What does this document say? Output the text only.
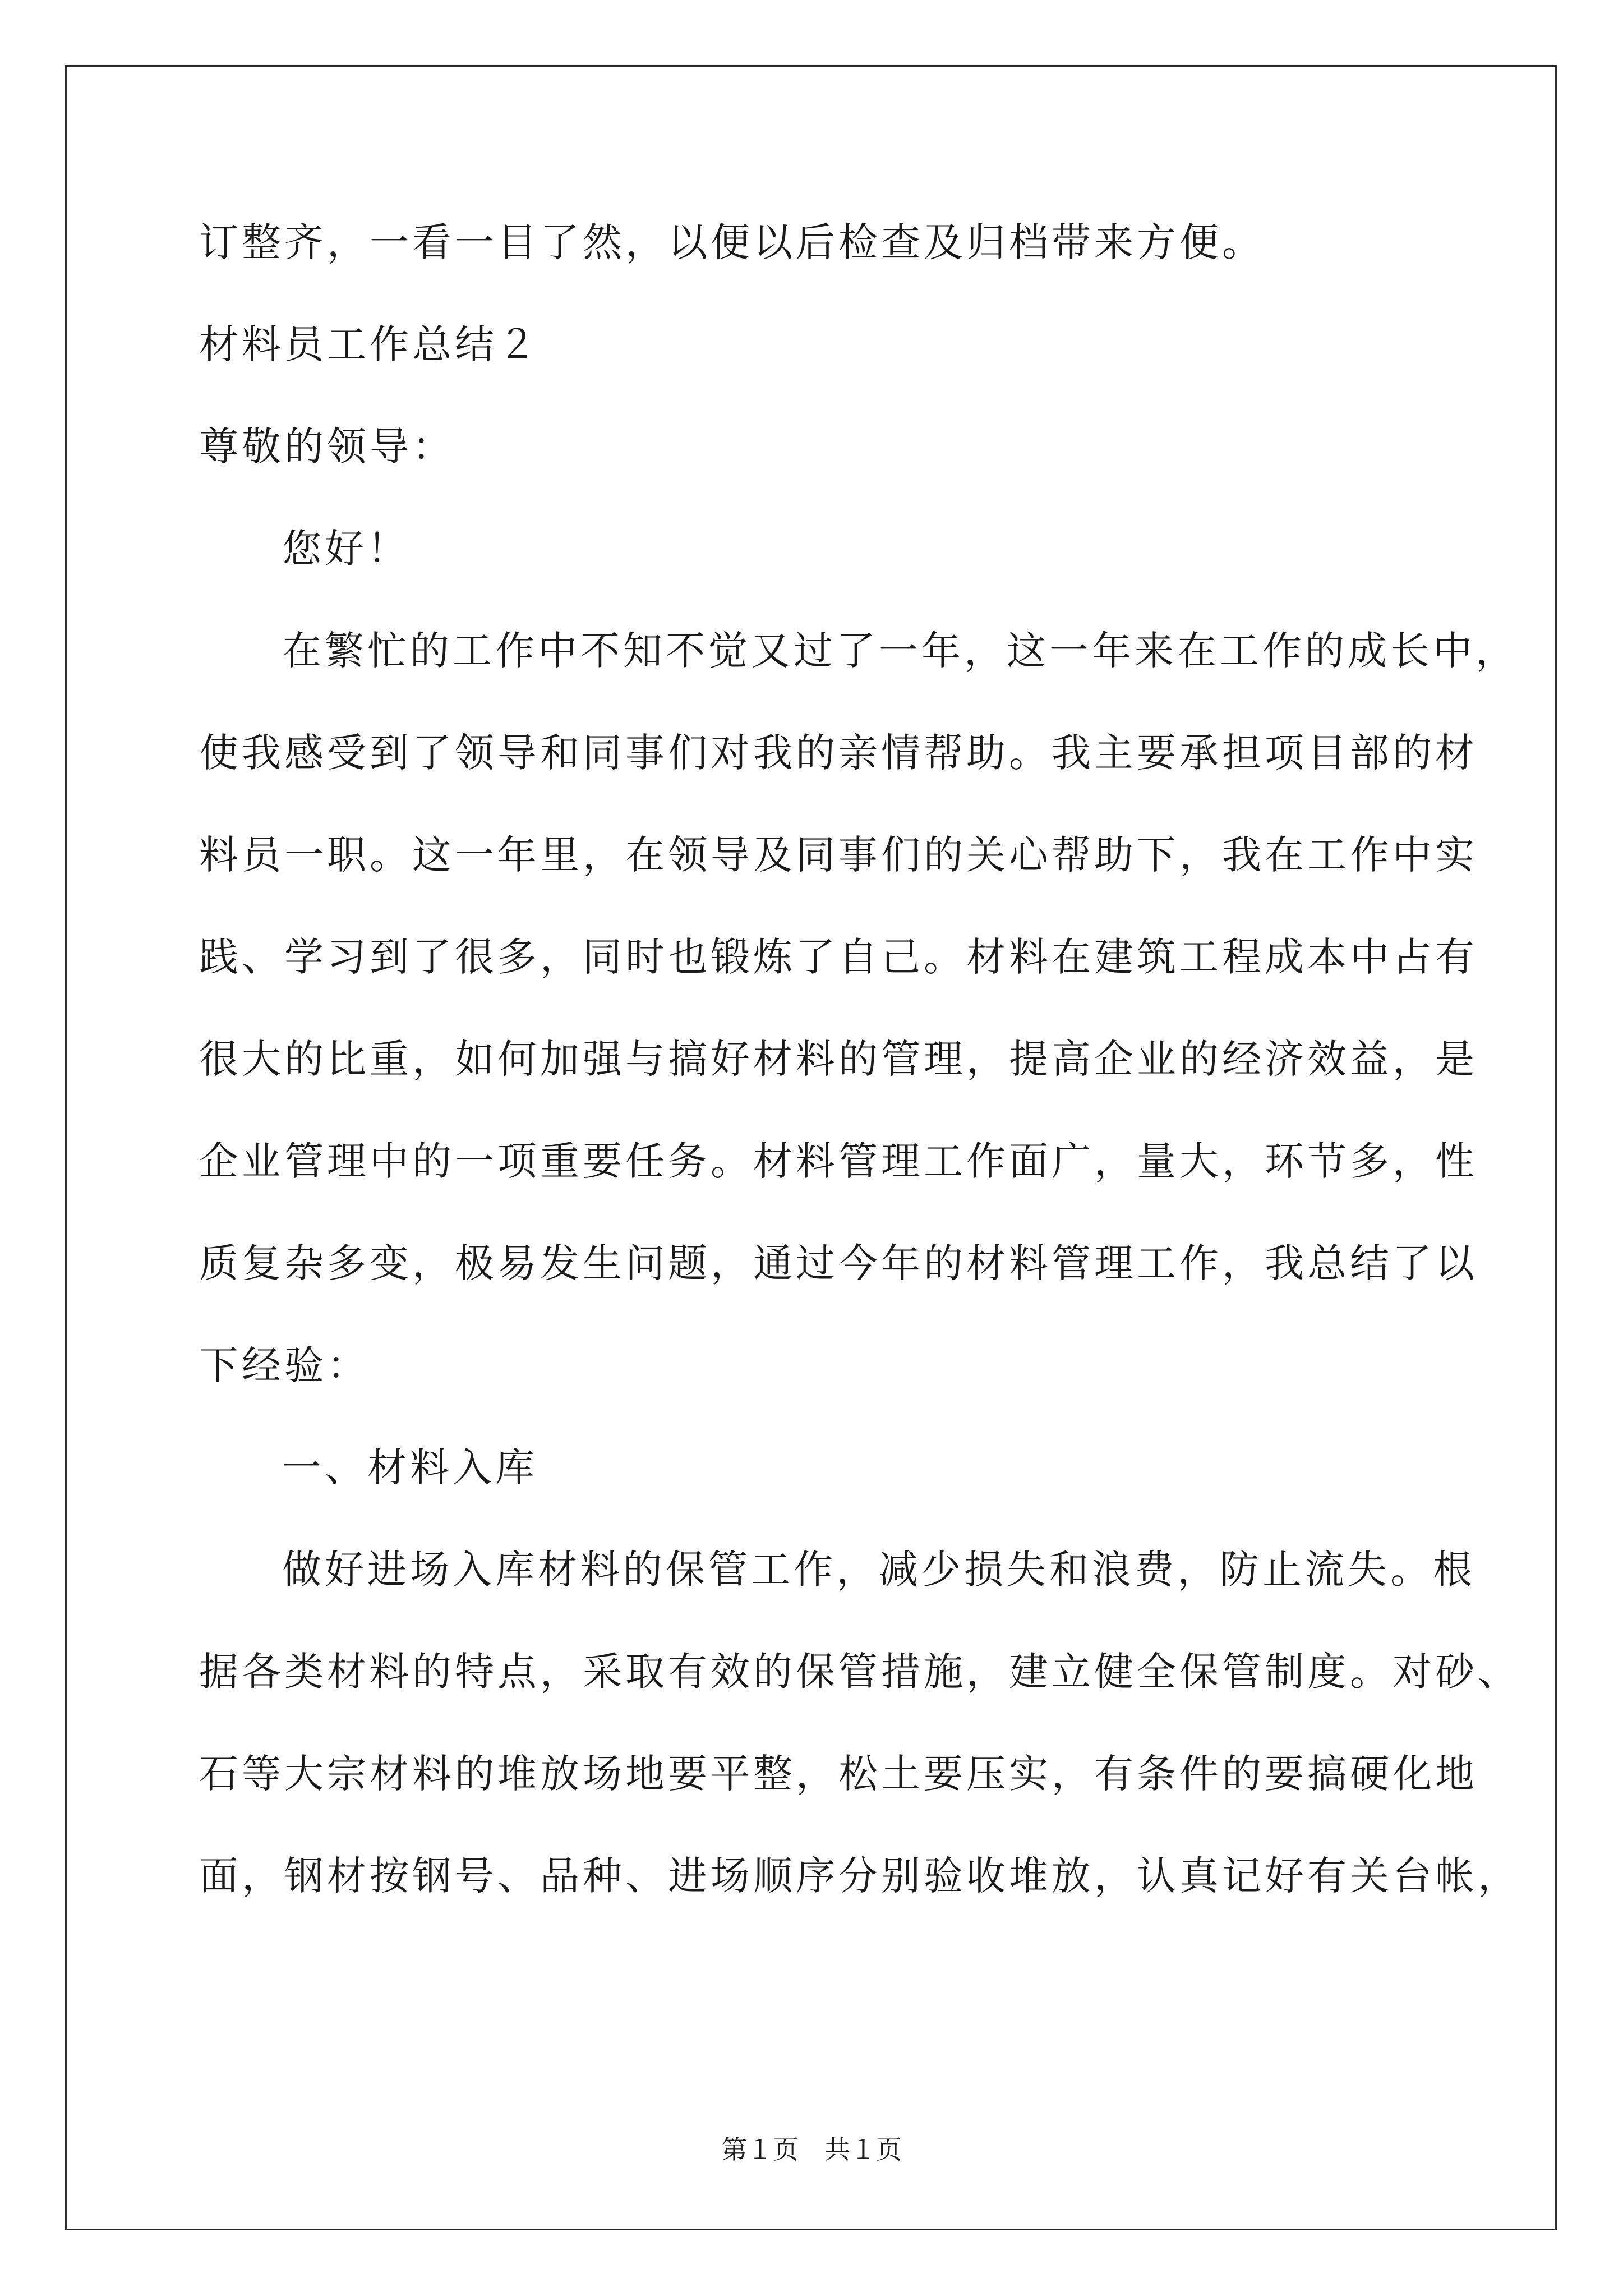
订整齐，一看一目了然，以便以后检查及归档带来方便。
材料员工作总结２
尊敬的领导：
您好！
在繁忙的工作中不知不觉又过了一年，这一年来在工作的成长中，
使我感受到了领导和同事们对我的亲情帮助。我主要承担项目部的材
料员一职。这一年里，在领导及同事们的关心帮助下，我在工作中实
践、学习到了很多，同时也锻炼了自己。材料在建筑工程成本中占有
很大的比重，如何加强与搞好材料的管理，提高企业的经济效益，是
企业管理中的一项重要任务。材料管理工作面广，量大，环节多，性
质复杂多变，极易发生问题，通过今年的材料管理工作，我总结了以
下经验：
一、材料入库
做好进场入库材料的保管工作，减少损失和浪费，防止流失。根
据各类材料的特点，采取有效的保管措施，建立健全保管制度。对砂、
石等大宗材料的堆放场地要平整，松土要压实，有条件的要搞硬化地
面，钢材按钢号、品种、进场顺序分别验收堆放，认真记好有关台帐，
第１页　共１页
